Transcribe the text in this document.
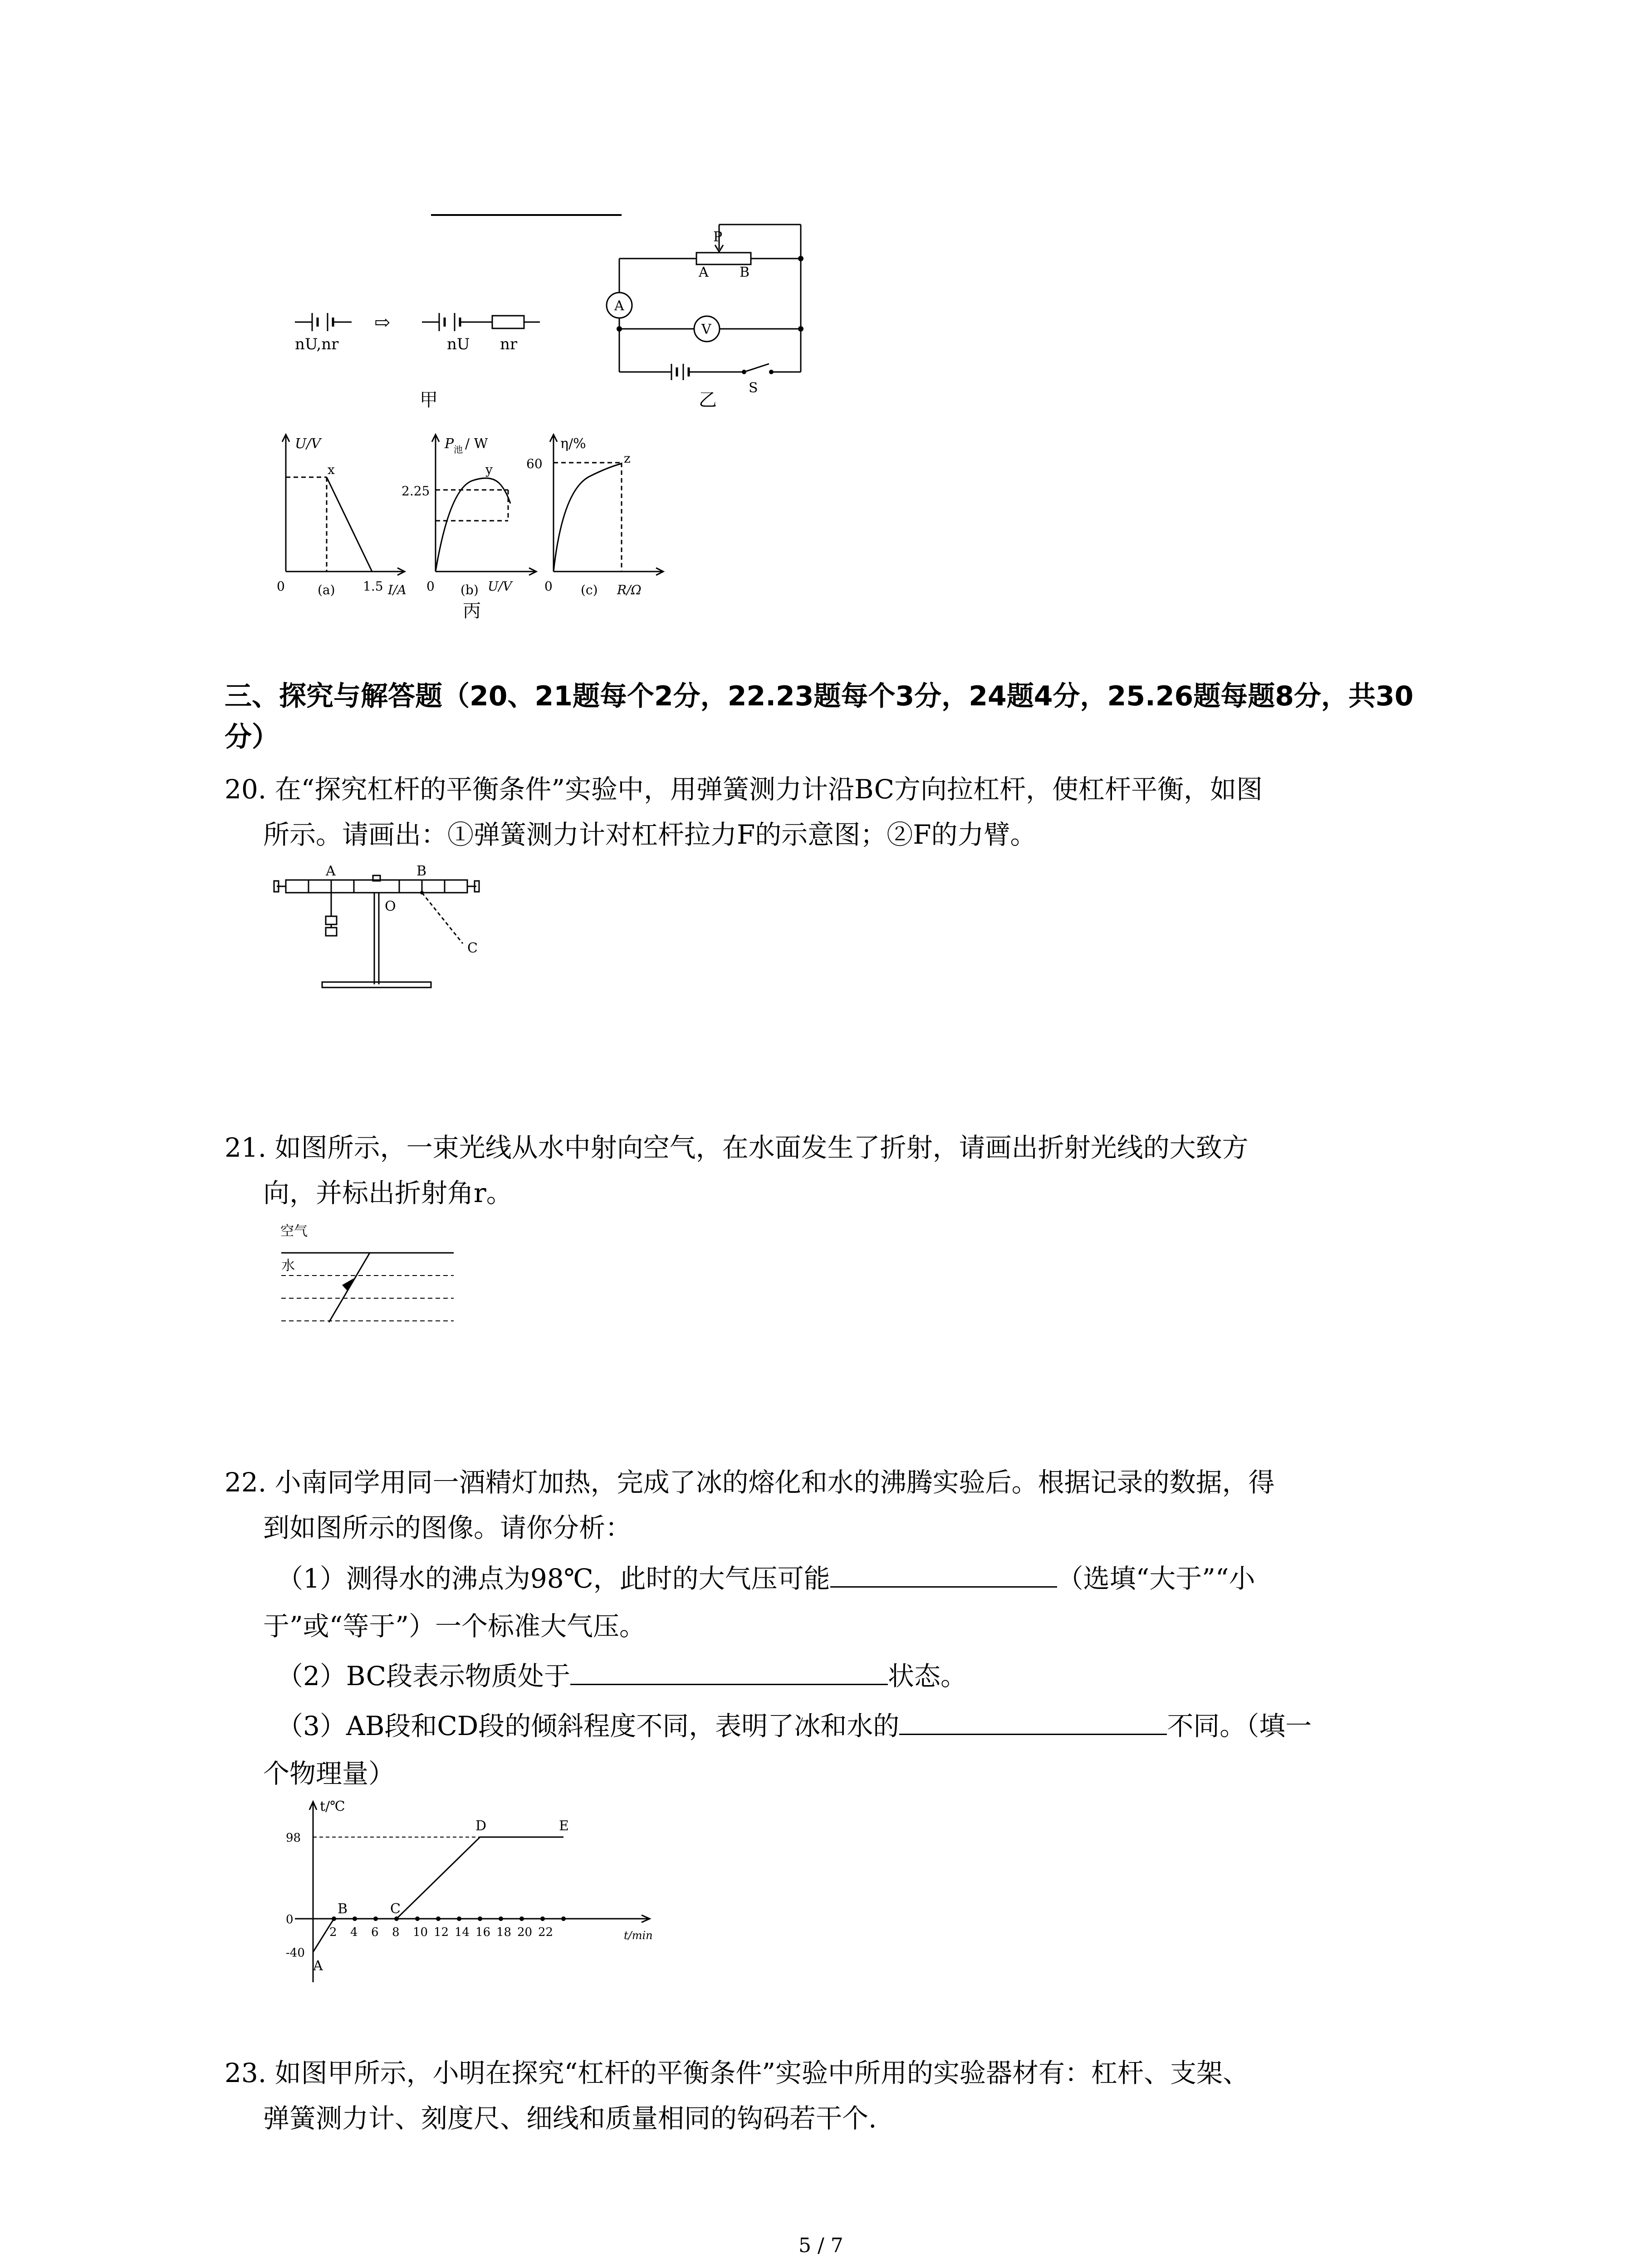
nU,nr
⇨
nU nr
甲
P
A B
A
V
S
乙
U/V
x
0	(a) 1.5 I/A
P 池 / W
2.25
y
0 (b) U/V
丙
η/%
60	z
0 (c) R/Ω
三、探究与解答题（20、21题每个2分，22.23题每个3分，24题4分，25.26题每题8分，共30
分）
20. 在“探究杠杆的平衡条件”实验中，用弹簧测力计沿BC方向拉杠杆，使杠杆平衡，如图
所示。请画出：①弹簧测力计对杠杆拉力F的示意图；②F的力臂。
A	B
O
C
21. 如图所示，一束光线从水中射向空气，在水面发生了折射，请画出折射光线的大致方
向，并标出折射角r。
空气
水
22. 小南同学用同一酒精灯加热，完成了冰的熔化和水的沸腾实验后。根据记录的数据，得
到如图所示的图像。请你分析：
（1）测得水的沸点为98℃，此时的大气压可能	（选填“大于”“小
于”或“等于”）一个标准大气压。
（2）BC段表示物质处于	状态。
（3）AB段和CD段的倾斜程度不同，表明了冰和水的	不同。（填一
个物理量）
2 4 6 8 10 12 14 16 18 20 22
98
0
-40
A
B	C
D	E
t/℃
t/min
23. 如图甲所示，小明在探究“杠杆的平衡条件”实验中所用的实验器材有：杠杆、支架、
弹簧测力计、刻度尺、细线和质量相同的钩码若干个.
5 / 7
